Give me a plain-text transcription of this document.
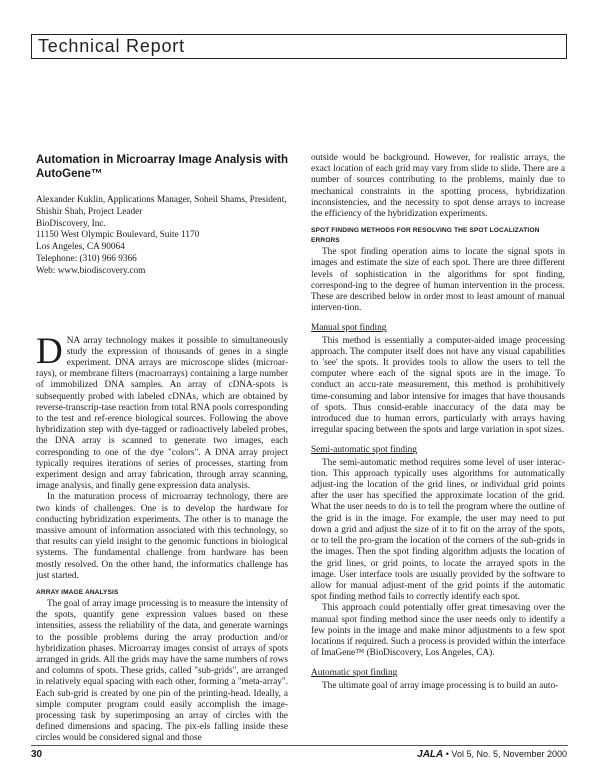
Technical Report
Automation in Microarray Image Analysis with AutoGene™
Alexander Kuklin, Applications Manager, Soheil Shams, President,
Shishir Shah, Project Leader
BioDiscovery, Inc.
11150 West Olympic Boulevard, Suite 1170
Los Angeles, CA 90064
Telephone: (310) 966 9366
Web: www.biodiscovery.com

DNA array technology makes it possible to simultaneously study the expression of thousands of genes in a single experiment. DNA arrays are microscope slides (microar-rays), or membrane filters (macroarrays) containing a large number of immobilized DNA samples. An array of cDNA-spots is subsequently probed with labeled cDNAs, which are obtained by reverse-transcrip-tase reaction from total RNA pools corresponding to the test and ref-erence biological sources. Following the above hybridization step with dye-tagged or radioactively labeled probes, the DNA array is scanned to generate two images, each corresponding to one of the dye "colors". A DNA array project typically requires iterations of series of processes, starting from experiment design and array fabrication, through array scanning, image analysis, and finally gene expression data analysis.

In the maturation process of microarray technology, there are two kinds of challenges. One is to develop the hardware for conducting hybridization experiments. The other is to manage the massive amount of information associated with this technology, so that results can yield insight to the genomic functions in biological systems. The fundamental challenge from hardware has been mostly resolved. On the other hand, the informatics challenge has just started.

ARRAY IMAGE ANALYSIS

The goal of array image processing is to measure the intensity of the spots, quantify gene expression values based on these intensities, assess the reliability of the data, and generate warnings to the possible problems during the array production and/or hybridization phases. Microarray images consist of arrays of spots arranged in grids. All the grids may have the same numbers of rows and columns of spots. These grids, called "sub-grids", are arranged in relatively equal spacing with each other, forming a "meta-array". Each sub-grid is created by one pin of the printing-head. Ideally, a simple computer program could easily accomplish the image-processing task by superimposing an array of circles with the defined dimensions and spacing. The pix-els falling inside these circles would be considered signal and those

outside would be background. However, for realistic arrays, the exact location of each grid may vary from slide to slide. There are a number of sources contributing to the problems, mainly due to mechanical constraints in the spotting process, hybridization inconsistencies, and the necessity to spot dense arrays to increase the efficiency of the hybridization experiments.

SPOT FINDING METHODS FOR RESOLVING THE SPOT LOCALIZATION ERRORS

The spot finding operation aims to locate the signal spots in images and estimate the size of each spot. There are three different levels of sophistication in the algorithms for spot finding, correspond-ing to the degree of human intervention in the process. These are described below in order most to least amount of manual interven-tion.

Manual spot finding

This method is essentially a computer-aided image processing approach. The computer itself does not have any visual capabilities to 'see' the spots. It provides tools to allow the users to tell the computer where each of the signal spots are in the image. To conduct an accu-rate measurement, this method is prohibitively time-consuming and labor intensive for images that have thousands of spots. Thus consid-erable inaccuracy of the data may be introduced due to human errors, particularly with arrays having irregular spacing between the spots and large variation in spot sizes.

Semi-automatic spot finding

The semi-automatic method requires some level of user interac-tion. This approach typically uses algorithms for automatically adjust-ing the location of the grid lines, or individual grid points after the user has specified the approximate location of the grid. What the user needs to do is to tell the program where the outline of the grid is in the image. For example, the user may need to put down a grid and adjust the size of it to fit on the array of the spots, or to tell the pro-gram the location of the corners of the sub-grids in the images. Then the spot finding algorithm adjusts the location of the grid lines, or grid points, to locate the arrayed spots in the image. User interface tools are usually provided by the software to allow for manual adjust-ment of the grid points if the automatic spot finding method fails to correctly identify each spot.

This approach could potentially offer great timesaving over the manual spot finding method since the user needs only to identify a few points in the image and make minor adjustments to a few spot locations if required. Such a process is provided within the interface of ImaGene™ (BioDiscovery, Los Angeles, CA).

Automatic spot finding

The ultimate goal of array image processing is to build an auto-

30	JALA • Vol 5, No. 5, November 2000
